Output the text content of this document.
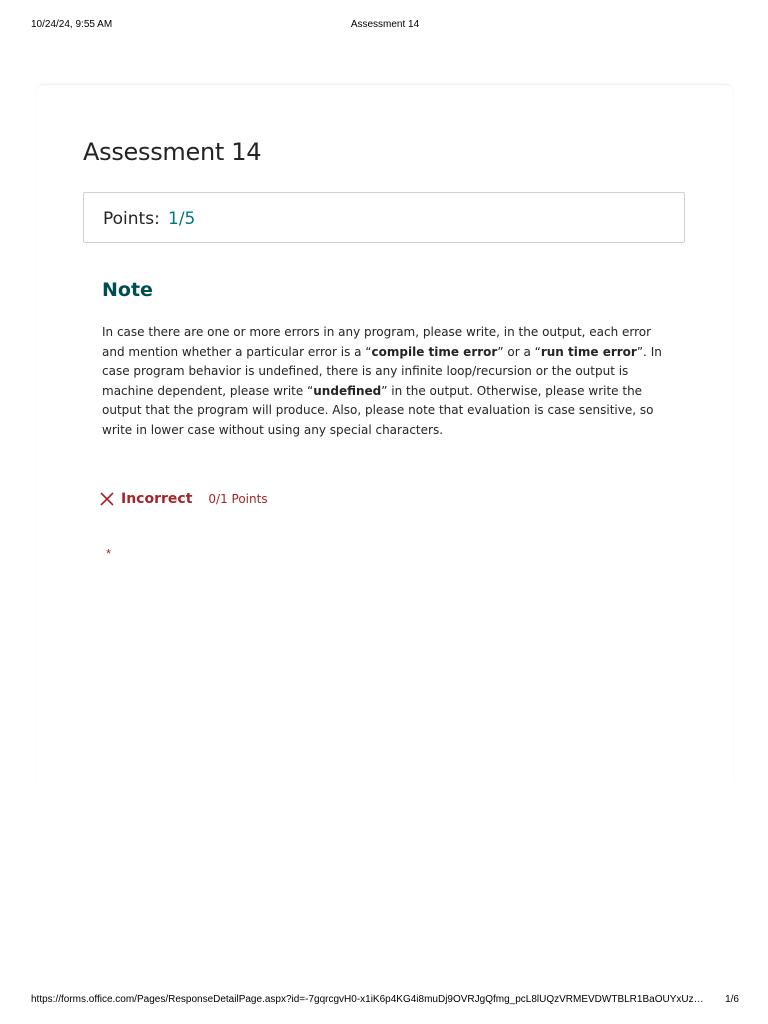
10/24/24, 9:55 AM	Assessment 14
Assessment 14
Points: 1/5
Note
In case there are one or more errors in any program, please write, in the output, each error and mention whether a particular error is a “compile time error” or a “run time error”. In case program behavior is undefined, there is any infinite loop/recursion or the output is machine dependent, please write “undefined” in the output. Otherwise, please write the output that the program will produce. Also, please note that evaluation is case sensitive, so write in lower case without using any special characters.
Incorrect 0/1 Points
*
https://forms.office.com/Pages/ResponseDetailPage.aspx?id=-7gqrcgvH0-x1iK6p4KG4i8muDj9OVRJgQfmg_pcL8lUQzVRMEVDWTBLR1BaOUYxUz…	1/6
